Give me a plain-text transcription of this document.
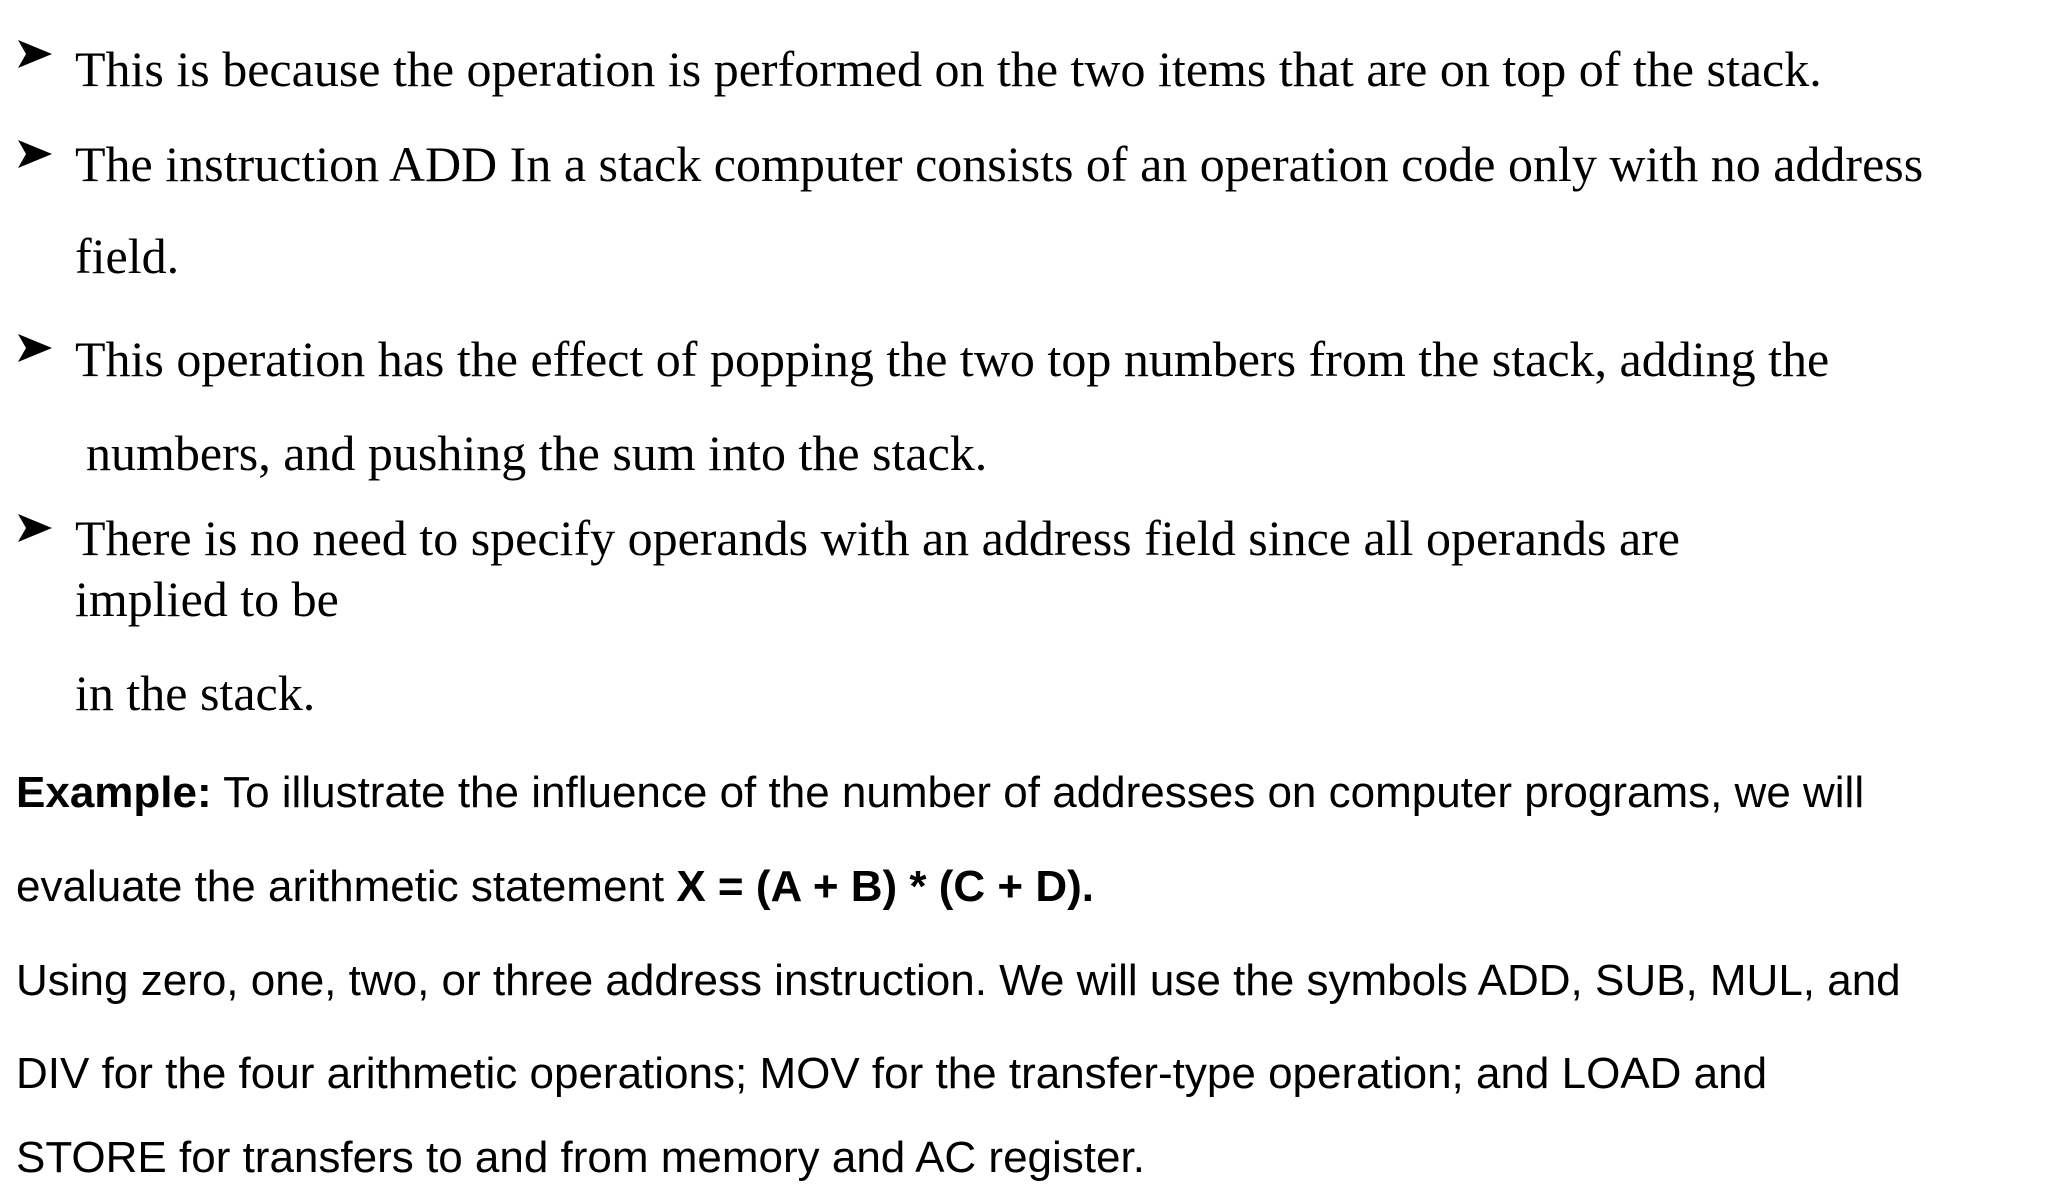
This is because the operation is performed on the two items that are on top of the stack.
The instruction ADD In a stack computer consists of an operation code only with no address
field.
This operation has the effect of popping the two top numbers from the stack, adding the
numbers, and pushing the sum into the stack.
There is no need to specify operands with an address field since all operands are
implied to be
in the stack.
Example: To illustrate the influence of the number of addresses on computer programs, we will
evaluate the arithmetic statement X = (A + B) * (C + D).
Using zero, one, two, or three address instruction. We will use the symbols ADD, SUB, MUL, and
DIV for the four arithmetic operations; MOV for the transfer-type operation; and LOAD and
STORE for transfers to and from memory and AC register.
